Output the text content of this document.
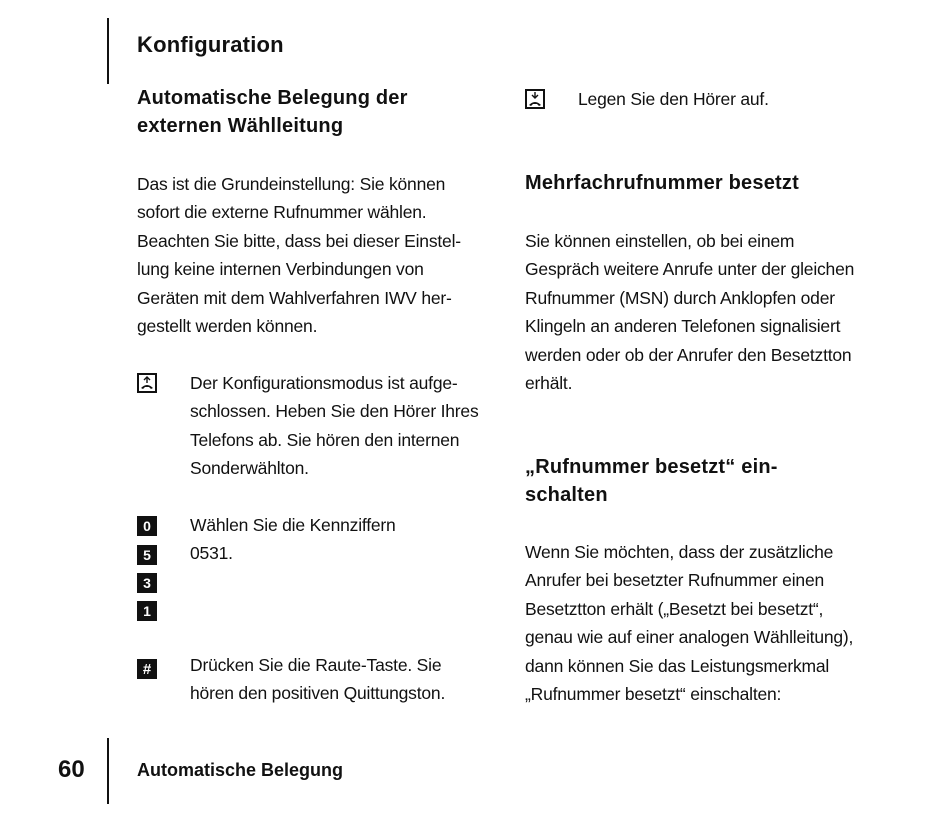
Konfiguration
Automatische Belegung der
externen Wählleitung
Das ist die Grundeinstellung: Sie können
sofort die externe Rufnummer wählen.
Beachten Sie bitte, dass bei dieser Einstel-
lung keine internen Verbindungen von
Geräten mit dem Wahlverfahren IWV her-
gestellt werden können.
Der Konfigurationsmodus ist aufge-
schlossen. Heben Sie den Hörer Ihres
Telefons ab. Sie hören den internen
Sonderwählton.
0
5
3
1
Wählen Sie die Kennziffern
0531.
#	Drücken Sie die Raute-Taste. Sie
hören den positiven Quittungston.
Legen Sie den Hörer auf.
Mehrfachrufnummer besetzt
Sie können einstellen, ob bei einem
Gespräch weitere Anrufe unter der gleichen
Rufnummer (MSN) durch Anklopfen oder
Klingeln an anderen Telefonen signalisiert
werden oder ob der Anrufer den Besetztton
erhält.
„Rufnummer besetzt“ ein-
schalten
Wenn Sie möchten, dass der zusätzliche
Anrufer bei besetzter Rufnummer einen
Besetztton erhält („Besetzt bei besetzt“,
genau wie auf einer analogen Wählleitung),
dann können Sie das Leistungsmerkmal
„Rufnummer besetzt“ einschalten:
60	Automatische Belegung
